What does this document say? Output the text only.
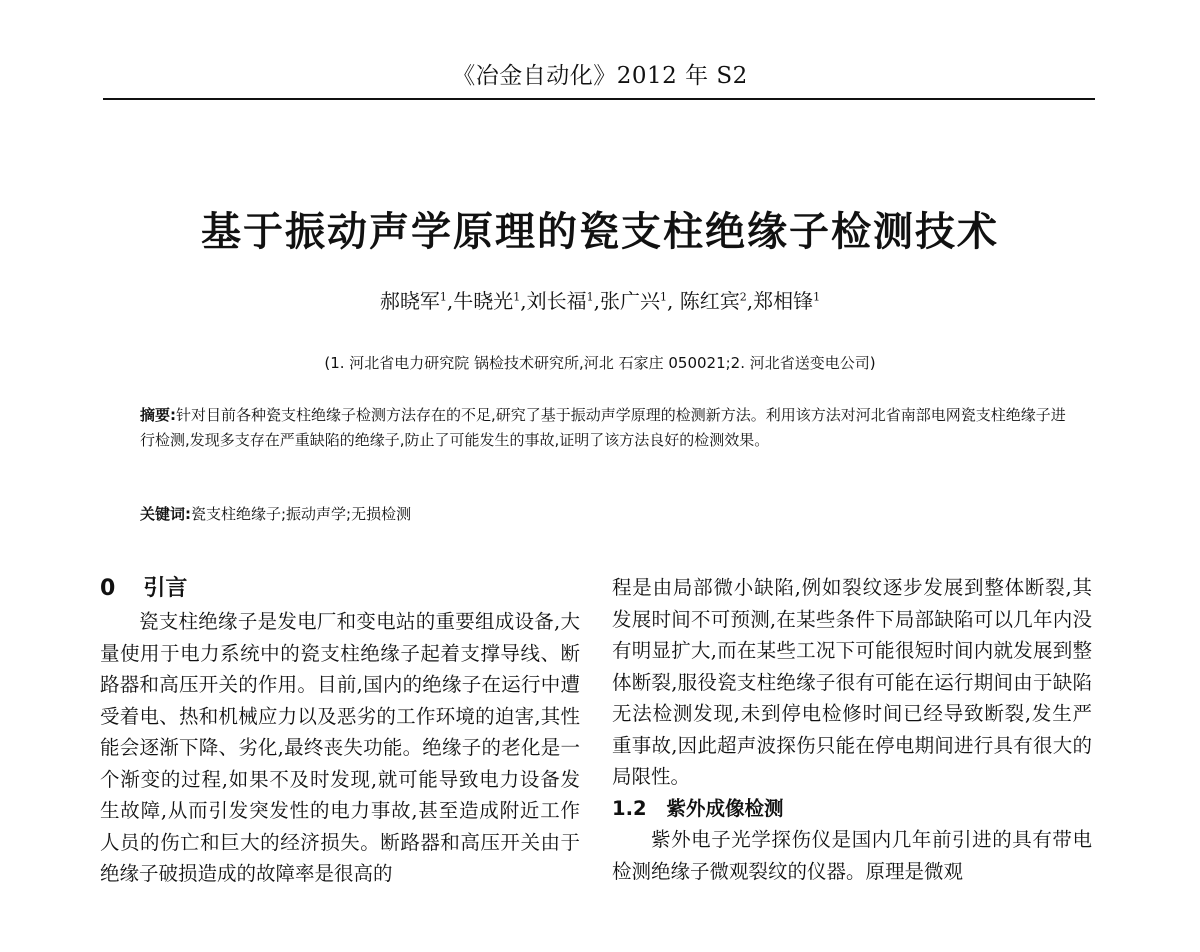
《冶金自动化》2012 年 S2
基于振动声学原理的瓷支柱绝缘子检测技术
郝晓军$^1$,牛晓光$^1$,刘长福$^1$,张广兴$^1$, 陈红宾$^2$,郑相锋$^1$
(1. 河北省电力研究院 锅检技术研究所,河北 石家庄 050021;2. 河北省送变电公司)
摘要:针对目前各种瓷支柱绝缘子检测方法存在的不足,研究了基于振动声学原理的检测新方法。利用该方法对河北省南部电网瓷支柱绝缘子进行检测,发现多支存在严重缺陷的绝缘子,防止了可能发生的事故,证明了该方法良好的检测效果。
关键词:瓷支柱绝缘子;振动声学;无损检测
0 引言

瓷支柱绝缘子是发电厂和变电站的重要组成设备,大量使用于电力系统中的瓷支柱绝缘子起着支撑导线、断路器和高压开关的作用。目前,国内的绝缘子在运行中遭受着电、热和机械应力以及恶劣的工作环境的迫害,其性能会逐渐下降、劣化,最终丧失功能。绝缘子的老化是一个渐变的过程,如果不及时发现,就可能导致电力设备发生故障,从而引发突发性的电力事故,甚至造成附近工作人员的伤亡和巨大的经济损失。断路器和高压开关由于绝缘子破损造成的故障率是很高的

程是由局部微小缺陷,例如裂纹逐步发展到整体断裂,其发展时间不可预测,在某些条件下局部缺陷可以几年内没有明显扩大,而在某些工况下可能很短时间内就发展到整体断裂,服役瓷支柱绝缘子很有可能在运行期间由于缺陷无法检测发现,未到停电检修时间已经导致断裂,发生严重事故,因此超声波探伤只能在停电期间进行具有很大的局限性。

1.2 紫外成像检测

紫外电子光学探伤仪是国内几年前引进的具有带电检测绝缘子微观裂纹的仪器。原理是微观
